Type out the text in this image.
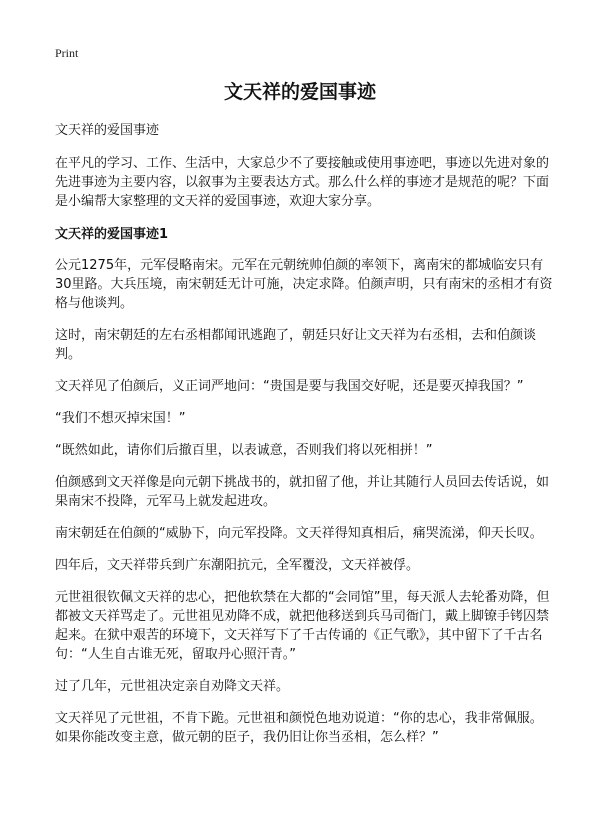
Print
文天祥的爱国事迹

文天祥的爱国事迹

在平凡的学习、工作、生活中，大家总少不了要接触或使用事迹吧，事迹以先进对象的先进事迹为主要内容，以叙事为主要表达方式。那么什么样的事迹才是规范的呢？下面是小编帮大家整理的文天祥的爱国事迹，欢迎大家分享。

文天祥的爱国事迹1

公元1275年，元军侵略南宋。元军在元朝统帅伯颜的率领下，离南宋的都城临安只有30里路。大兵压境，南宋朝廷无计可施，决定求降。伯颜声明，只有南宋的丞相才有资格与他谈判。

这时，南宋朝廷的左右丞相都闻讯逃跑了，朝廷只好让文天祥为右丞相，去和伯颜谈判。

文天祥见了伯颜后，义正词严地问：“贵国是要与我国交好呢，还是要灭掉我国？”

“我们不想灭掉宋国！”

“既然如此，请你们后撤百里，以表诚意，否则我们将以死相拼！”

伯颜感到文天祥像是向元朝下挑战书的，就扣留了他，并让其随行人员回去传话说，如果南宋不投降，元军马上就发起进攻。

南宋朝廷在伯颜的“威胁下，向元军投降。文天祥得知真相后，痛哭流涕，仰天长叹。

四年后，文天祥带兵到广东潮阳抗元，全军覆没，文天祥被俘。

元世祖很钦佩文天祥的忠心，把他软禁在大都的“会同馆”里，每天派人去轮番劝降，但都被文天祥骂走了。元世祖见劝降不成，就把他移送到兵马司衙门，戴上脚镣手铐囚禁起来。在狱中艰苦的环境下，文天祥写下了千古传诵的《正气歌》，其中留下了千古名句：“人生自古谁无死，留取丹心照汗青。”

过了几年，元世祖决定亲自劝降文天祥。

文天祥见了元世祖，不肯下跪。元世祖和颜悦色地劝说道：“你的忠心，我非常佩服。如果你能改变主意，做元朝的臣子，我仍旧让你当丞相，怎么样？”
